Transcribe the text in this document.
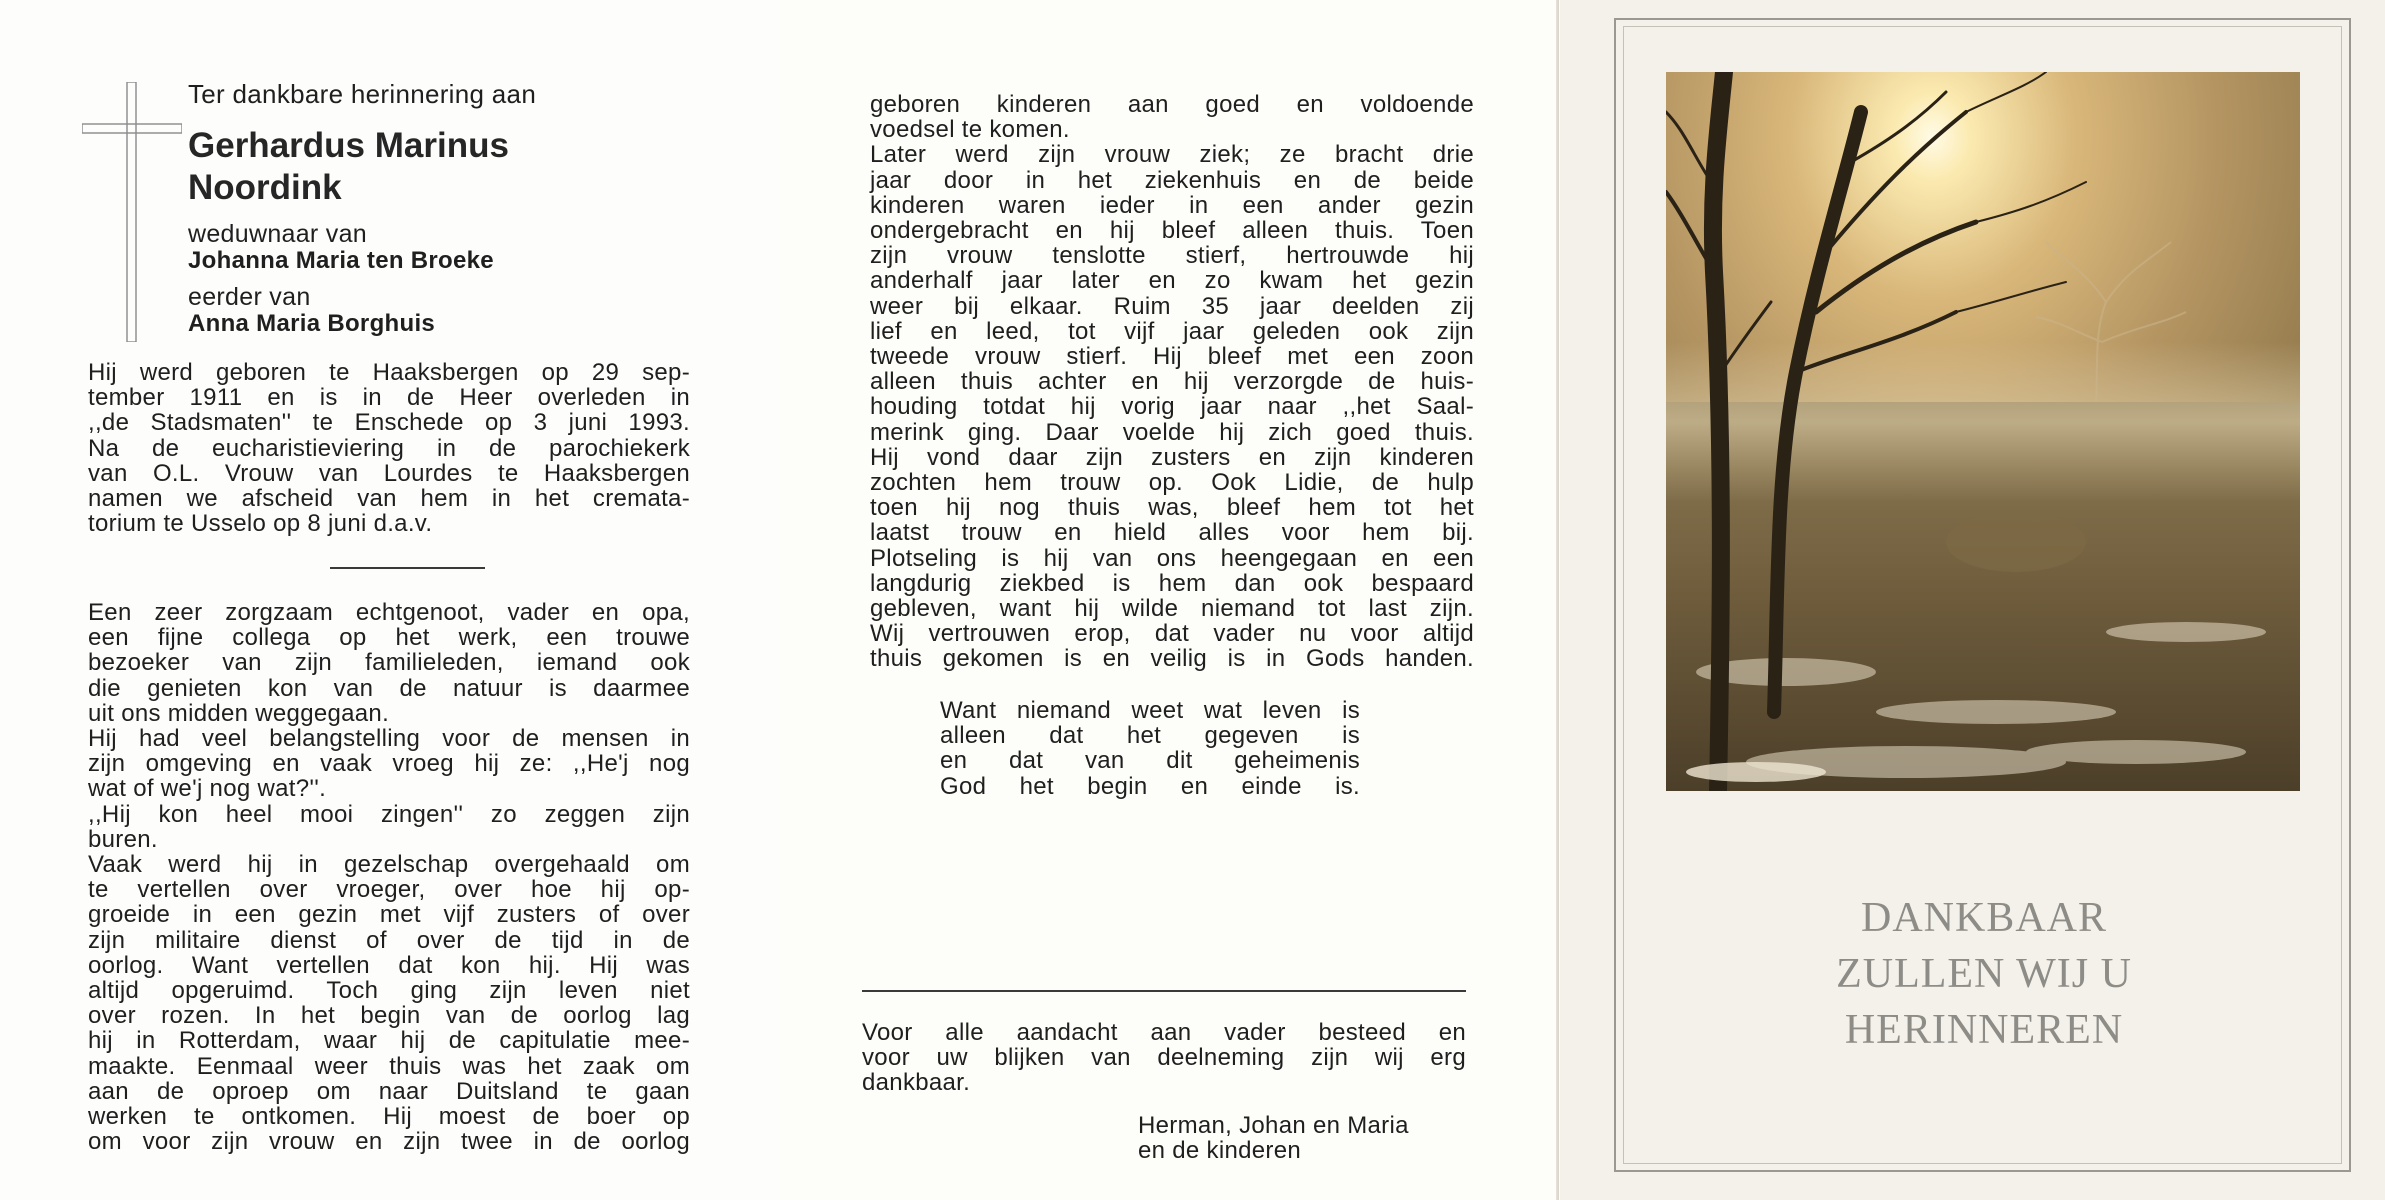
Ter dankbare herinnering aan

Gerhardus Marinus

Noordink

weduwnaar van

Johanna Maria ten Broeke

eerder van

Anna Maria Borghuis

Hij werd geboren te Haaksbergen op 29 sep-
tember 1911 en is in de Heer overleden in
,,de Stadsmaten'' te Enschede op 3 juni 1993.
Na de eucharistieviering in de parochiekerk
van O.L. Vrouw van Lourdes te Haaksbergen
namen we afscheid van hem in het cremata-
torium te Usselo op 8 juni d.a.v.
Een zeer zorgzaam echtgenoot, vader en opa,
een fijne collega op het werk, een trouwe
bezoeker van zijn familieleden, iemand ook
die genieten kon van de natuur is daarmee
uit ons midden weggegaan.
Hij had veel belangstelling voor de mensen in
zijn omgeving en vaak vroeg hij ze: ,,He'j nog
wat of we'j nog wat?''.
,,Hij kon heel mooi zingen'' zo zeggen zijn
buren.
Vaak werd hij in gezelschap overgehaald om
te vertellen over vroeger, over hoe hij op-
groeide in een gezin met vijf zusters of over
zijn militaire dienst of over de tijd in de
oorlog. Want vertellen dat kon hij. Hij was
altijd opgeruimd. Toch ging zijn leven niet
over rozen. In het begin van de oorlog lag
hij in Rotterdam, waar hij de capitulatie mee-
maakte. Eenmaal weer thuis was het zaak om
aan de oproep om naar Duitsland te gaan
werken te ontkomen. Hij moest de boer op
om voor zijn vrouw en zijn twee in de oorlog
geboren kinderen aan goed en voldoende
voedsel te komen.
Later werd zijn vrouw ziek; ze bracht drie
jaar door in het ziekenhuis en de beide
kinderen waren ieder in een ander gezin
ondergebracht en hij bleef alleen thuis. Toen
zijn vrouw tenslotte stierf, hertrouwde hij
anderhalf jaar later en zo kwam het gezin
weer bij elkaar. Ruim 35 jaar deelden zij
lief en leed, tot vijf jaar geleden ook zijn
tweede vrouw stierf. Hij bleef met een zoon
alleen thuis achter en hij verzorgde de huis-
houding totdat hij vorig jaar naar ,,het Saal-
merink ging. Daar voelde hij zich goed thuis.
Hij vond daar zijn zusters en zijn kinderen
zochten hem trouw op. Ook Lidie, de hulp
toen hij nog thuis was, bleef hem tot het
laatst trouw en hield alles voor hem bij.
Plotseling is hij van ons heengegaan en een
langdurig ziekbed is hem dan ook bespaard
gebleven, want hij wilde niemand tot last zijn.
Wij vertrouwen erop, dat vader nu voor altijd
thuis gekomen is en veilig is in Gods handen.
Want niemand weet wat leven is
alleen dat het gegeven is
en dat van dit geheimenis
God het begin en einde is.
Voor alle aandacht aan vader besteed en
voor uw blijken van deelneming zijn wij erg
dankbaar.

Herman, Johan en Maria

en de kinderen

DANKBAAR
ZULLEN WIJ U
HERINNEREN
